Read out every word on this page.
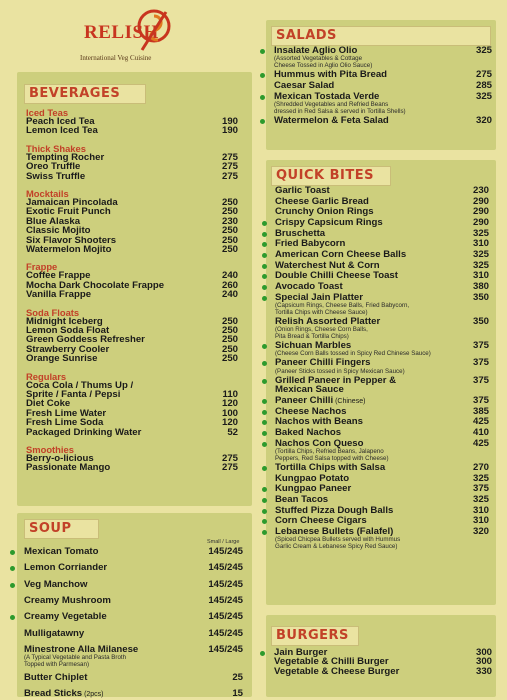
RELISH
International Veg Cuisine
BEVERAGES
SOUP
SALADS
QUICK BITES
BURGERS
Small / Large
Iced Teas
Peach Iced Tea	190
Lemon Iced Tea	190
Thick Shakes
Tempting Rocher	275
Oreo Truffle	275
Swiss Truffle	275
Mocktails
Jamaican Pincolada	250
Exotic Fruit Punch	250
Blue Alaska	230
Classic Mojito	250
Six Flavor Shooters	250
Watermelon Mojito	250
Frappe
Coffee Frappe	240
Mocha Dark Chocolate Frappe	260
Vanilla Frappe	240
Soda Floats
Midnight Iceberg	250
Lemon Soda Float	250
Green Goddess Refresher	250
Strawberry Cooler	250
Orange Sunrise	250
Regulars
Coca Cola / Thums Up /
Sprite / Fanta / Pepsi	110
Diet Coke	120
Fresh Lime Water	100
Fresh Lime Soda	120
Packaged Drinking Water	52
Smoothies
Berry-o-licious	275
Passionate Mango	275
Mexican Tomato	145/245
Lemon Corriander	145/245
Veg Manchow	145/245
Creamy Mushroom	145/245
Creamy Vegetable	145/245
Mulligatawny	145/245
Minestrone Alla Milanese	145/245
(A Typical Vegetable and Pasta Broth
Topped with Parmesan)
Butter Chiplet	25
Bread Sticks (2pcs)	15
Insalate Aglio Olio	325
(Assorted Vegetables & Cottage
Cheese Tossed in Aglio Olio Sauce)
Hummus with Pita Bread	275
Caesar Salad	285
Mexican Tostada Verde	325
(Shredded Vegetables and Refried Beans
dressed in Red Salsa & served in Tortilla Shells)
Watermelon & Feta Salad	320
Garlic Toast	230
Cheese Garlic Bread	290
Crunchy Onion Rings	290
Crispy Capsicum Rings	290
Bruschetta	325
Fried Babycorn	310
American Corn Cheese Balls	325
Waterchest Nut & Corn	325
Double Chilli Cheese Toast	310
Avocado Toast	380
Special Jain Platter	350
(Capsicum Rings, Cheese Balls, Fried Babycorn,
Tortilla Chips with Cheese Sauce)
Relish Assorted Platter	350
(Onion Rings, Cheese Corn Balls,
Pita Bread & Tortilla Chips)
Sichuan Marbles	375
(Cheese Corn Balls tossed in Spicy Red Chinese Sauce)
Paneer Chilli Fingers	375
(Paneer Sticks tossed in Spicy Mexican Sauce)
Grilled Paneer in Pepper &	375
Mexican Sauce
Paneer Chilli (Chinese)	375
Cheese Nachos	385
Nachos with Beans	425
Baked Nachos	410
Nachos Con Queso	425
(Tortilla Chips, Refried Beans, Jalapeno
Peppers, Red Salsa topped with Cheese)
Tortilla Chips with Salsa	270
Kungpao Potato	325
Kungpao Paneer	375
Bean Tacos	325
Stuffed Pizza Dough Balls	310
Corn Cheese Cigars	310
Lebanese Bullets (Falafel)	320
(Spiced Chicpea Bullets served with Hummus
Garlic Cream & Lebanese Spicy Red Sauce)
Jain Burger	300
Vegetable & Chilli Burger	300
Vegetable & Cheese Burger	330
